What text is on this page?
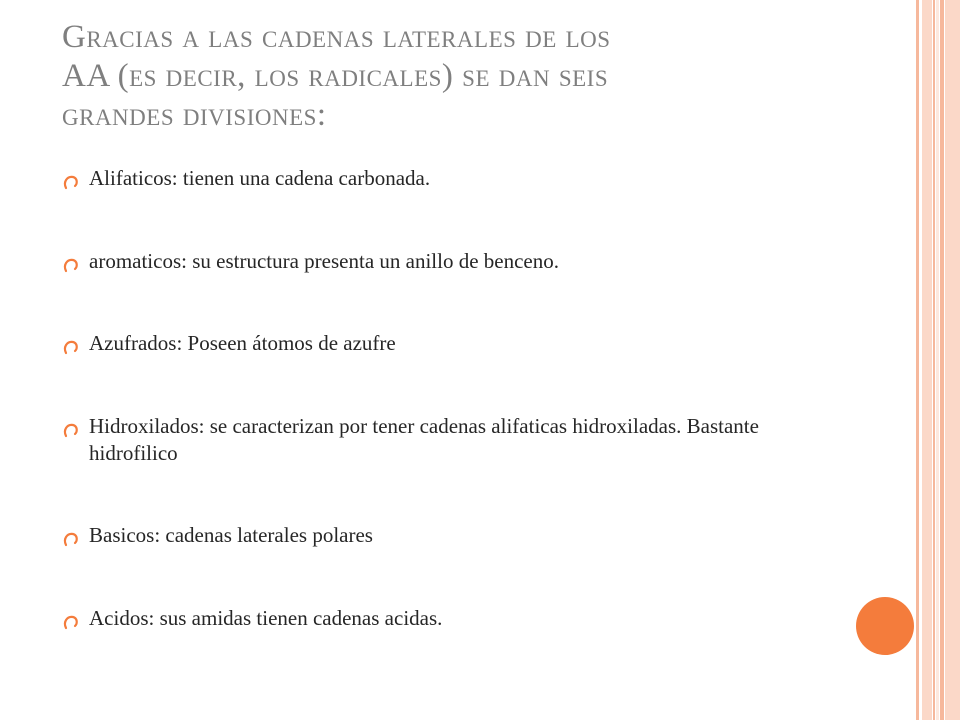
Gracias a las cadenas laterales de los
AA (es decir, los radicales) se dan seis
grandes divisiones:
Alifaticos: tienen una cadena carbonada.
aromaticos: su estructura presenta un anillo de benceno.
Azufrados: Poseen átomos de azufre
Hidroxilados: se caracterizan por tener cadenas alifaticas hidroxiladas. Bastante hidrofilico
Basicos: cadenas laterales polares
Acidos: sus amidas tienen cadenas acidas.
